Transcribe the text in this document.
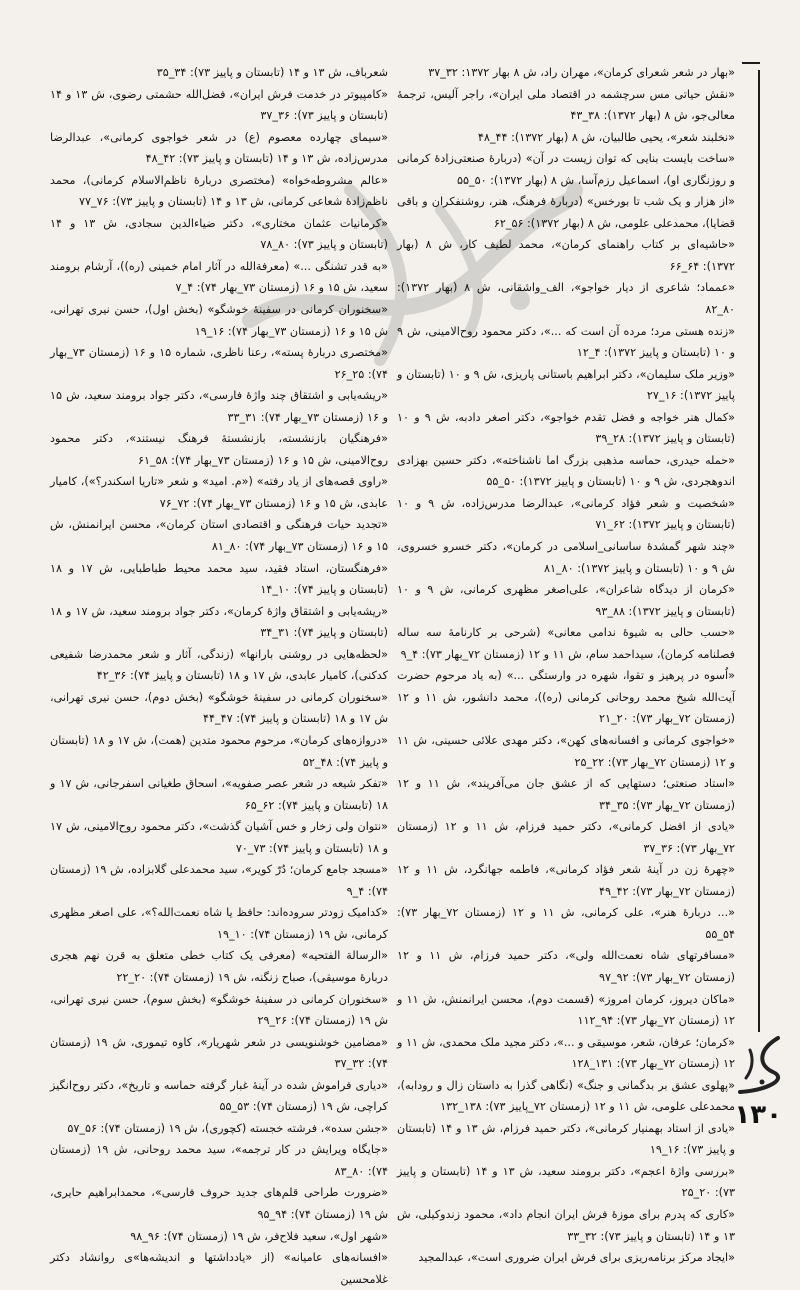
«بهار در شعر شعرای کرمان»، مهران راد، ش ۸ بهار ۱۳۷۲: ۳۲_۳۷

«نقش حیاتی مس سرچشمه در اقتصاد ملی ایران»، راجر آلیس، ترجمهٔ معالی‌جو، ش ۸ (بهار ۱۳۷۲): ۳۸_۴۳

«نخلبند شعر»، یحیی طالبیان، ش ۸ (بهار ۱۳۷۲): ۴۴_۴۸

«ساخت بایست بنایی که توان زیست در آن» (دربارهٔ صنعتی‌زادهٔ کرمانی و روزنگاری او)، اسماعیل رزم‌آسا، ش ۸ (بهار ۱۳۷۲): ۵۰_۵۵

«از هزار و یک شب تا بورخس» (دربارهٔ فرهنگ، هنر، روشنفکران و باقی قضایا)، محمدعلی علومی، ش ۸ (بهار ۱۳۷۲): ۵۶_۶۲

«حاشیه‌ای بر کتاب راهنمای کرمان»، محمد لطیف کار، ش ۸ (بهار ۱۳۷۲): ۶۴_۶۶

«عمماد؛ شاعری از دیار خواجو»، الف_واشقانی، ش ۸ (بهار ۱۳۷۲): ۸۰_۸۲

«زنده هستی مرد؛ مرده آن است که ...»، دکتر محمود روح‌الامینی، ش ۹ و ۱۰ (تابستان و پاییز ۱۳۷۲): ۴_۱۲

«وزیر ملک سلیمان»، دکتر ابراهیم باستانی پاریزی، ش ۹ و ۱۰ (تابستان و پاییز ۱۳۷۲): ۱۶_۲۷

«کمال هنر خواجه و فضل تقدم خواجو»، دکتر اصغر دادبه، ش ۹ و ۱۰ (تابستان و پاییز ۱۳۷۲): ۲۸_۳۹

«حمله حیدری، حماسه مذهبی بزرگ اما ناشناخته»، دکتر حسین بهزادی اندوهجردی، ش ۹ و ۱۰ (تابستان و پاییز ۱۳۷۲): ۵۰_۵۵

«شخصیت و شعر فؤاد کرمانی»، عبدالرضا مدرس‌زاده، ش ۹ و ۱۰ (تابستان و پاییز ۱۳۷۲): ۶۲_۷۱

«چند شهر گمشدهٔ ساسانی_اسلامی در کرمان»، دکتر خسرو خسروی، ش ۹ و ۱۰ (تابستان و پاییز ۱۳۷۲): ۸۰_۸۱

«کرمان از دیدگاه شاعران»، علی‌اصغر مظهری کرمانی، ش ۹ و ۱۰ (تابستان و پاییز ۱۳۷۲): ۸۸_۹۳

«حسب حالی به شیوهٔ ندامی معانی» (شرحی بر کارنامهٔ سه ساله فصلنامه کرمان)، سیداحمد سام، ش ۱۱ و ۱۲ (زمستان ۷۲_بهار ۷۳): ۴_۹

«اُسوه در پرهیز و تقوا، شهره در وارستگی ...» (به یاد مرحوم حضرت آیت‌الله شیخ محمد روحانی کرمانی (ره))، محمد دانشور، ش ۱۱ و ۱۲ (زمستان ۷۲_بهار ۷۳): ۲۰_۲۱

«خواجوی کرمانی و افسانه‌های کهن»، دکتر مهدی علائی حسینی، ش ۱۱ و ۱۲ (زمستان ۷۲_بهار ۷۳): ۲۲_۲۵

«استاد صنعتی؛ دستهایی که از عشق جان می‌آفریند»، ش ۱۱ و ۱۲ (زمستان ۷۲_بهار ۷۳): ۳۵_۳۴

«یادی از افضل کرمانی»، دکتر حمید فرزام، ش ۱۱ و ۱۲ (زمستان ۷۲_بهار ۷۳): ۳۶_۳۷

«چهرهٔ زن در آینهٔ شعر فؤاد کرمانی»، فاطمه جهانگرد، ش ۱۱ و ۱۲ (زمستان ۷۲_بهار ۷۳): ۴۲_۴۹

«... دربارهٔ هنر»، علی کرمانی، ش ۱۱ و ۱۲ (زمستان ۷۲_بهار ۷۳): ۵۴_۵۵

«مسافرتهای شاه نعمت‌الله ولی»، دکتر حمید فرزام، ش ۱۱ و ۱۲ (زمستان ۷۲_بهار ۷۳): ۹۲_۹۷

«ماکان دیروز، کرمان امروز» (قسمت دوم)، محسن ایرانمنش، ش ۱۱ و ۱۲ (زمستان ۷۲_بهار ۷۳): ۹۴_۱۱۲

«کرمان؛ عرفان، شعر، موسیقی و ...»، دکتر مجید ملک محمدی، ش ۱۱ و ۱۲ (زمستان ۷۲_بهار ۷۳): ۱۳۱_۱۲۸

«پهلوی عشق بر بدگمانی و جنگ» (نگاهی گذرا به داستان زال و رودابه)، محمدعلی علومی، ش ۱۱ و ۱۲ (زمستان ۷۲_پاییز ۷۳): ۱۳۸_۱۳۲

«یادی از استاد بهمنیار کرمانی»، دکتر حمید فرزام، ش ۱۳ و ۱۴ (تابستان و پاییز ۷۳): ۱۶_۱۹

«بررسی واژهٔ اعجم»، دکتر برومند سعید، ش ۱۳ و ۱۴ (تابستان و پاییز ۷۳): ۲۰_۲۵

«کاری که پدرم برای موزهٔ فرش ایران انجام داد»، محمود زندوکیلی، ش ۱۳ و ۱۴ (تابستان و پاییز ۷۳): ۳۲_۳۳

«ایجاد مرکز برنامه‌ریزی برای فرش ایران ضروری است»، عبدالمجید

شعرباف، ش ۱۳ و ۱۴ (تابستان و پاییز ۷۳): ۳۴_۳۵

«کامپیوتر در خدمت فرش ایران»، فضل‌الله حشمتی رضوی، ش ۱۳ و ۱۴ (تابستان و پاییز ۷۳): ۳۶_۳۷

«سیمای چهارده معصوم (ع) در شعر خواجوی کرمانی»، عبدالرضا مدرس‌زاده، ش ۱۳ و ۱۴ (تابستان و پاییز ۷۳): ۴۲_۴۸

«عالم مشروطه‌خواه» (مختصری دربارهٔ ناظم‌الاسلام کرمانی)، محمد ناظم‌زادهٔ شعاعی کرمانی، ش ۱۳ و ۱۴ (تابستان و پاییز ۷۳): ۷۶_۷۷

«کرمانیات عثمان مختاری»، دکتر ضیاءالدین سجادی، ش ۱۳ و ۱۴ (تابستان و پاییز ۷۳): ۸۰_۷۸

«به قدر تشنگی ...» (معرفةالله در آثار امام خمینی (ره))، آرشام برومند سعید، ش ۱۵ و ۱۶ (زمستان ۷۳_بهار ۷۴): ۴_۷

«سخنوران کرمانی در سفینهٔ خوشگو» (بخش اول)، حسن نیری تهرانی، ش ۱۵ و ۱۶ (زمستان ۷۳_بهار ۷۴): ۱۶_۱۹

«مختصری دربارهٔ پسته»، رعنا ناظری، شماره ۱۵ و ۱۶ (زمستان ۷۳_بهار ۷۴): ۲۵_۲۶

«ریشه‌یابی و اشتقاق چند واژهٔ فارسی»، دکتر جواد برومند سعید، ش ۱۵ و ۱۶ (زمستان ۷۳_بهار ۷۴): ۳۱_۳۳

«فرهنگیان بازنشسته، بازنشستهٔ فرهنگ نیستند»، دکتر محمود روح‌الامینی، ش ۱۵ و ۱۶ (زمستان ۷۳_بهار ۷۴): ۵۸_۶۱

«راوی قصه‌های از یاد رفته» («م. امید» و شعر «تاریا اسکندر؟»)، کامیار عابدی، ش ۱۵ و ۱۶ (زمستان ۷۳_بهار ۷۴): ۷۲_۷۶

«تجدید حیات فرهنگی و اقتصادی استان کرمان»، محسن ایرانمنش، ش ۱۵ و ۱۶ (زمستان ۷۳_بهار ۷۴): ۸۰_۸۱

«فرهنگستان، استاد فقید، سید محمد محیط طباطبایی، ش ۱۷ و ۱۸ (تابستان و پاییز ۷۴): ۱۰_۱۴

«ریشه‌یابی و اشتقاق واژهٔ کرمان»، دکتر جواد برومند سعید، ش ۱۷ و ۱۸ (تابستان و پاییز ۷۴): ۳۱_۳۴

«لحظه‌هایی در روشنی بارانها» (زندگی، آثار و شعر محمدرضا شفیعی کدکنی)، کامیار عابدی، ش ۱۷ و ۱۸ (تابستان و پاییز ۷۴): ۳۶_۴۲

«سخنوران کرمانی در سفینهٔ خوشگو» (بخش دوم)، حسن نیری تهرانی، ش ۱۷ و ۱۸ (تابستان و پاییز ۷۴): ۴۷_۴۴

«دروازه‌های کرمان»، مرحوم محمود متدین (همت)، ش ۱۷ و ۱۸ (تابستان و پاییز ۷۴): ۴۸_۵۲

«تفکر شیعه در شعر عصر صفویه»، اسحاق طغیانی اسفرجانی، ش ۱۷ و ۱۸ (تابستان و پاییز ۷۴): ۶۲_۶۵

«نتوان ولی زخار و خس آشیان گذشت»، دکتر محمود روح‌الامینی، ش ۱۷ و ۱۸ (تابستان و پاییز ۷۴): ۷۳_۷۰

«مسجد جامع کرمان؛ دُرّ کویر»، سید محمدعلی گلابزاده، ش ۱۹ (زمستان ۷۴): ۴_۹

«کدامیک زودتر سروده‌اند: حافظ یا شاه نعمت‌الله؟»، علی اصغر مظهری کرمانی، ش ۱۹ (زمستان ۷۴): ۱۰_۱۹

«الرسالة الفتحیه» (معرفی یک کتاب خطی متعلق به قرن نهم هجری دربارهٔ موسیقی)، صباح زنگنه، ش ۱۹ (زمستان ۷۴): ۲۰_۲۲

«سخنوران کرمانی در سفینهٔ خوشگو» (بخش سوم)، حسن نیری تهرانی، ش ۱۹ (زمستان ۷۴): ۲۶_۲۹

«مضامین خوشنویسی در شعر شهریار»، کاوه تیموری، ش ۱۹ (زمستان ۷۴): ۳۲_۳۷

«دیاری فراموش شده در آینهٔ غبار گرفته حماسه و تاریخ»، دکتر روح‌انگیز کراچی، ش ۱۹ (زمستان ۷۴): ۵۳_۵۵

«جشن سده»، فرشته خجسته (کچوری)، ش ۱۹ (زمستان ۷۴): ۵۶_۵۷

«جایگاه ویرایش در کار ترجمه»، سید محمد روحانی، ش ۱۹ (زمستان ۷۴): ۸۰_۸۳

«ضرورت طراحی قلم‌های جدید حروف فارسی»، محمدابراهیم حایری، ش ۱۹ (زمستان ۷۴): ۹۴_۹۵

«شهر اول»، سعید فلاح‌فر، ش ۱۹ (زمستان ۷۴): ۹۶_۹۸

«افسانه‌های عامیانه» (از «یادداشتها و اندیشه‌ها»ی روانشاد دکتر غلامحسین

۱۳۰
